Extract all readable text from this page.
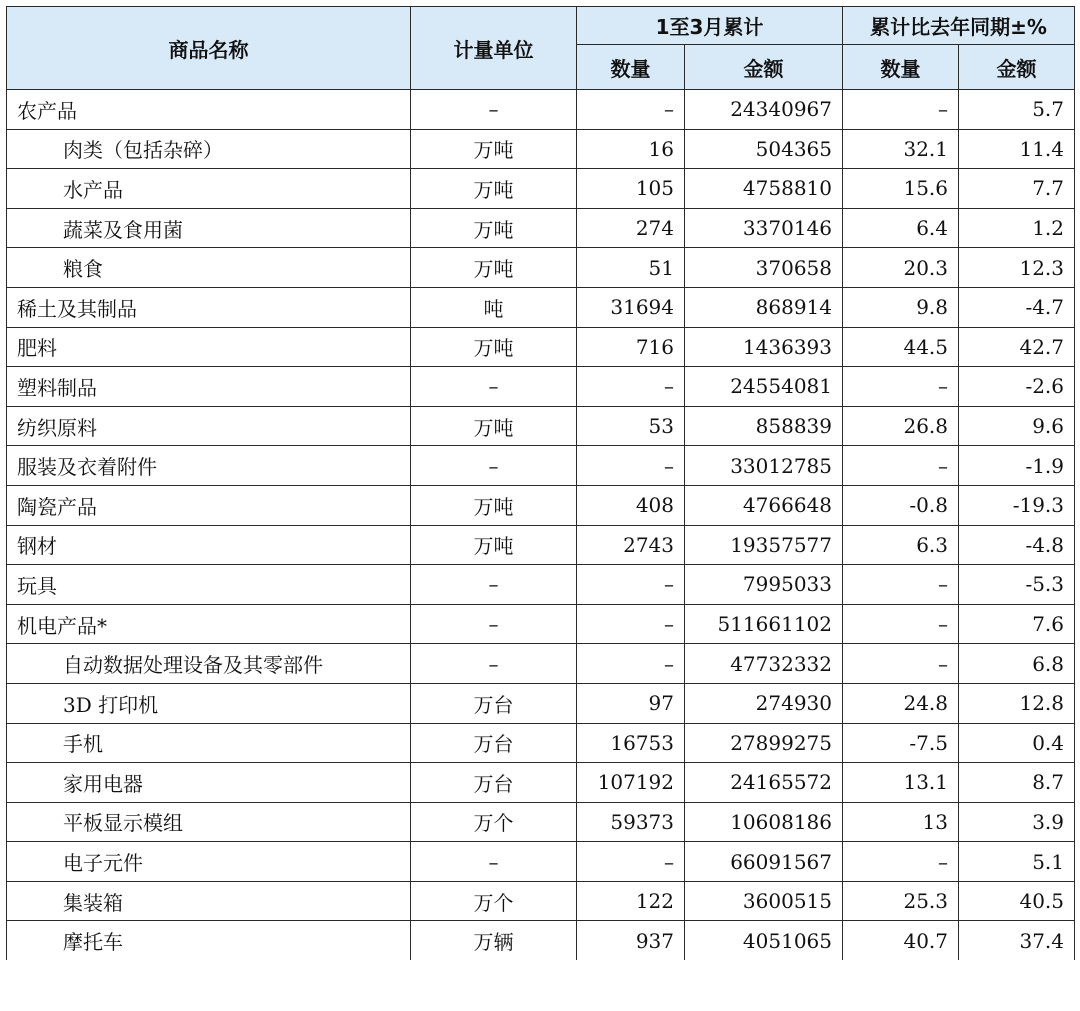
商品名称	计量单位	1至3月累计		累计比去年同期±%	
		数量	金额	数量	金额
农产品	–	–	24340967	–	5.7
肉类（包括杂碎）	万吨	16	504365	32.1	11.4
水产品	万吨	105	4758810	15.6	7.7
蔬菜及食用菌	万吨	274	3370146	6.4	1.2
粮食	万吨	51	370658	20.3	12.3
稀土及其制品	吨	31694	868914	9.8	-4.7
肥料	万吨	716	1436393	44.5	42.7
塑料制品	–	–	24554081	–	-2.6
纺织原料	万吨	53	858839	26.8	9.6
服装及衣着附件	–	–	33012785	–	-1.9
陶瓷产品	万吨	408	4766648	-0.8	-19.3
钢材	万吨	2743	19357577	6.3	-4.8
玩具	–	–	7995033	–	-5.3
机电产品*	–	–	511661102	–	7.6
自动数据处理设备及其零部件	–	–	47732332	–	6.8
3D 打印机	万台	97	274930	24.8	12.8
手机	万台	16753	27899275	-7.5	0.4
家用电器	万台	107192	24165572	13.1	8.7
平板显示模组	万个	59373	10608186	13	3.9
电子元件	–	–	66091567	–	5.1
集装箱	万个	122	3600515	25.3	40.5
摩托车	万辆	937	4051065	40.7	37.4
